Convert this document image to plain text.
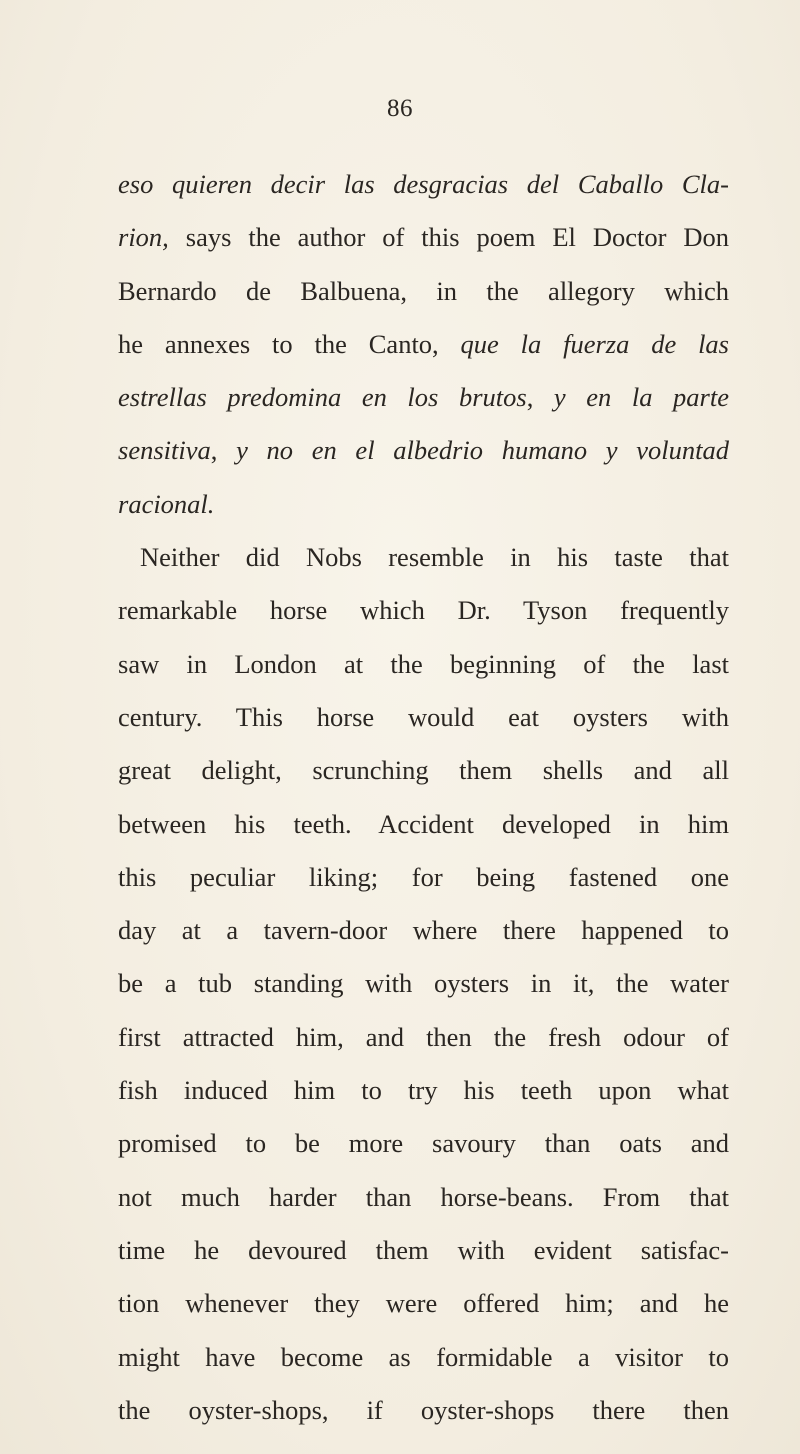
86
eso quieren decir las desgracias del Caballo Cla-
rion, says the author of this poem El Doctor Don
Bernardo de Balbuena, in the allegory which
he annexes to the Canto, que la fuerza de las
estrellas predomina en los brutos, y en la parte
sensitiva, y no en el albedrio humano y voluntad
racional.
Neither did Nobs resemble in his taste that
remarkable horse which Dr. Tyson frequently
saw in London at the beginning of the last
century. This horse would eat oysters with
great delight, scrunching them shells and all
between his teeth. Accident developed in him
this peculiar liking; for being fastened one
day at a tavern-door where there happened to
be a tub standing with oysters in it, the water
first attracted him, and then the fresh odour of
fish induced him to try his teeth upon what
promised to be more savoury than oats and
not much harder than horse-beans. From that
time he devoured them with evident satisfac-
tion whenever they were offered him; and he
might have become as formidable a visitor to
the oyster-shops, if oyster-shops there then
